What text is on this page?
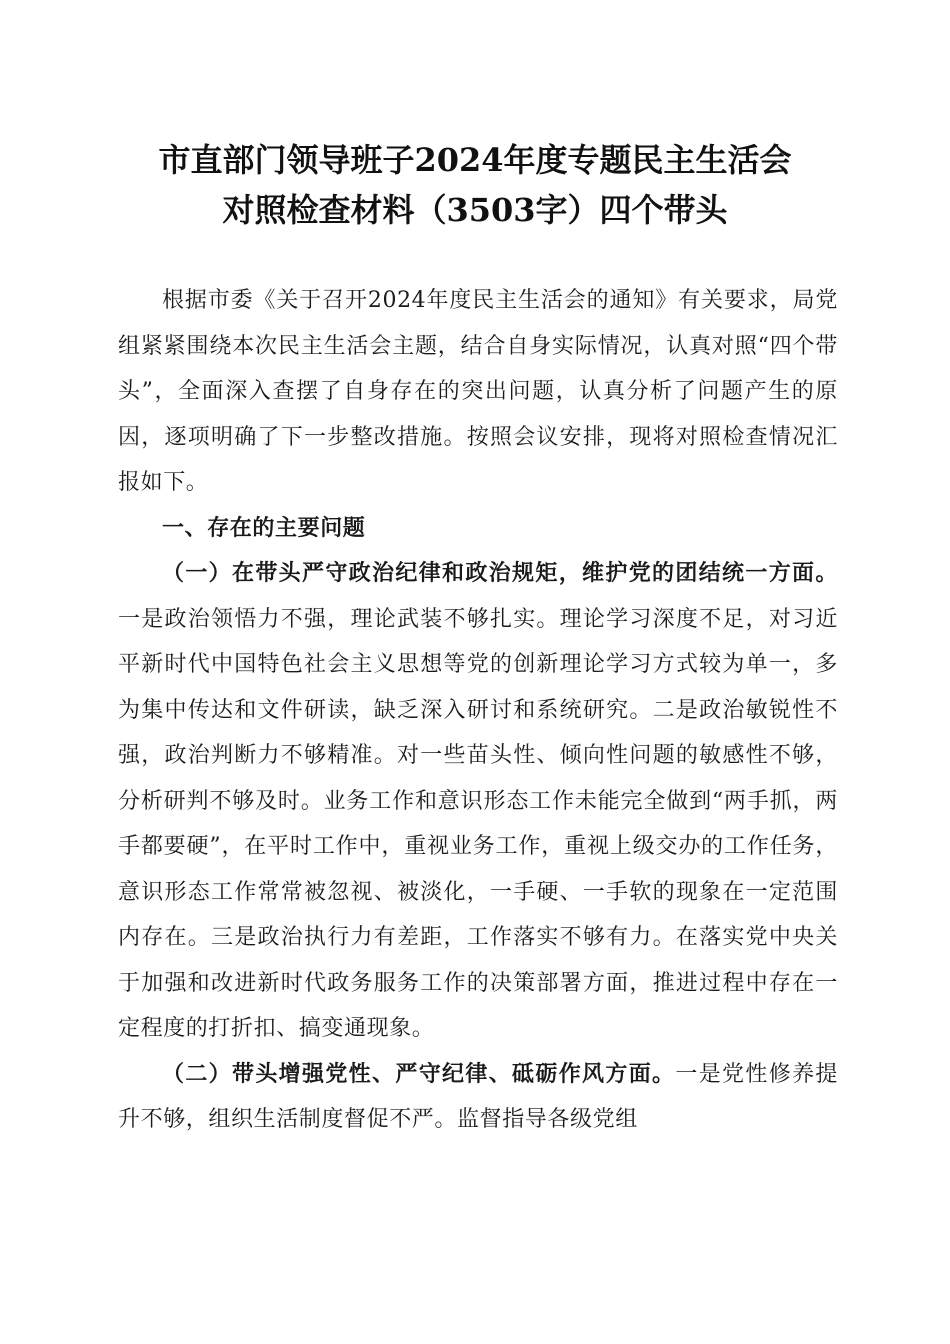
市直部门领导班子2024年度专题民主生活会
对照检查材料（3503字）四个带头

根据市委《关于召开2024年度民主生活会的通知》有关要求，局党组紧紧围绕本次民主生活会主题，结合自身实际情况，认真对照“四个带头”，全面深入查摆了自身存在的突出问题，认真分析了问题产生的原因，逐项明确了下一步整改措施。按照会议安排，现将对照检查情况汇报如下。

一、存在的主要问题

（一）在带头严守政治纪律和政治规矩，维护党的团结统一方面。一是政治领悟力不强，理论武装不够扎实。理论学习深度不足，对习近平新时代中国特色社会主义思想等党的创新理论学习方式较为单一，多为集中传达和文件研读，缺乏深入研讨和系统研究。二是政治敏锐性不强，政治判断力不够精准。对一些苗头性、倾向性问题的敏感性不够，分析研判不够及时。业务工作和意识形态工作未能完全做到“两手抓，两手都要硬”，在平时工作中，重视业务工作，重视上级交办的工作任务，意识形态工作常常被忽视、被淡化，一手硬、一手软的现象在一定范围内存在。三是政治执行力有差距，工作落实不够有力。在落实党中央关于加强和改进新时代政务服务工作的决策部署方面，推进过程中存在一定程度的打折扣、搞变通现象。

（二）带头增强党性、严守纪律、砥砺作风方面。一是党性修养提升不够，组织生活制度督促不严。监督指导各级党组
